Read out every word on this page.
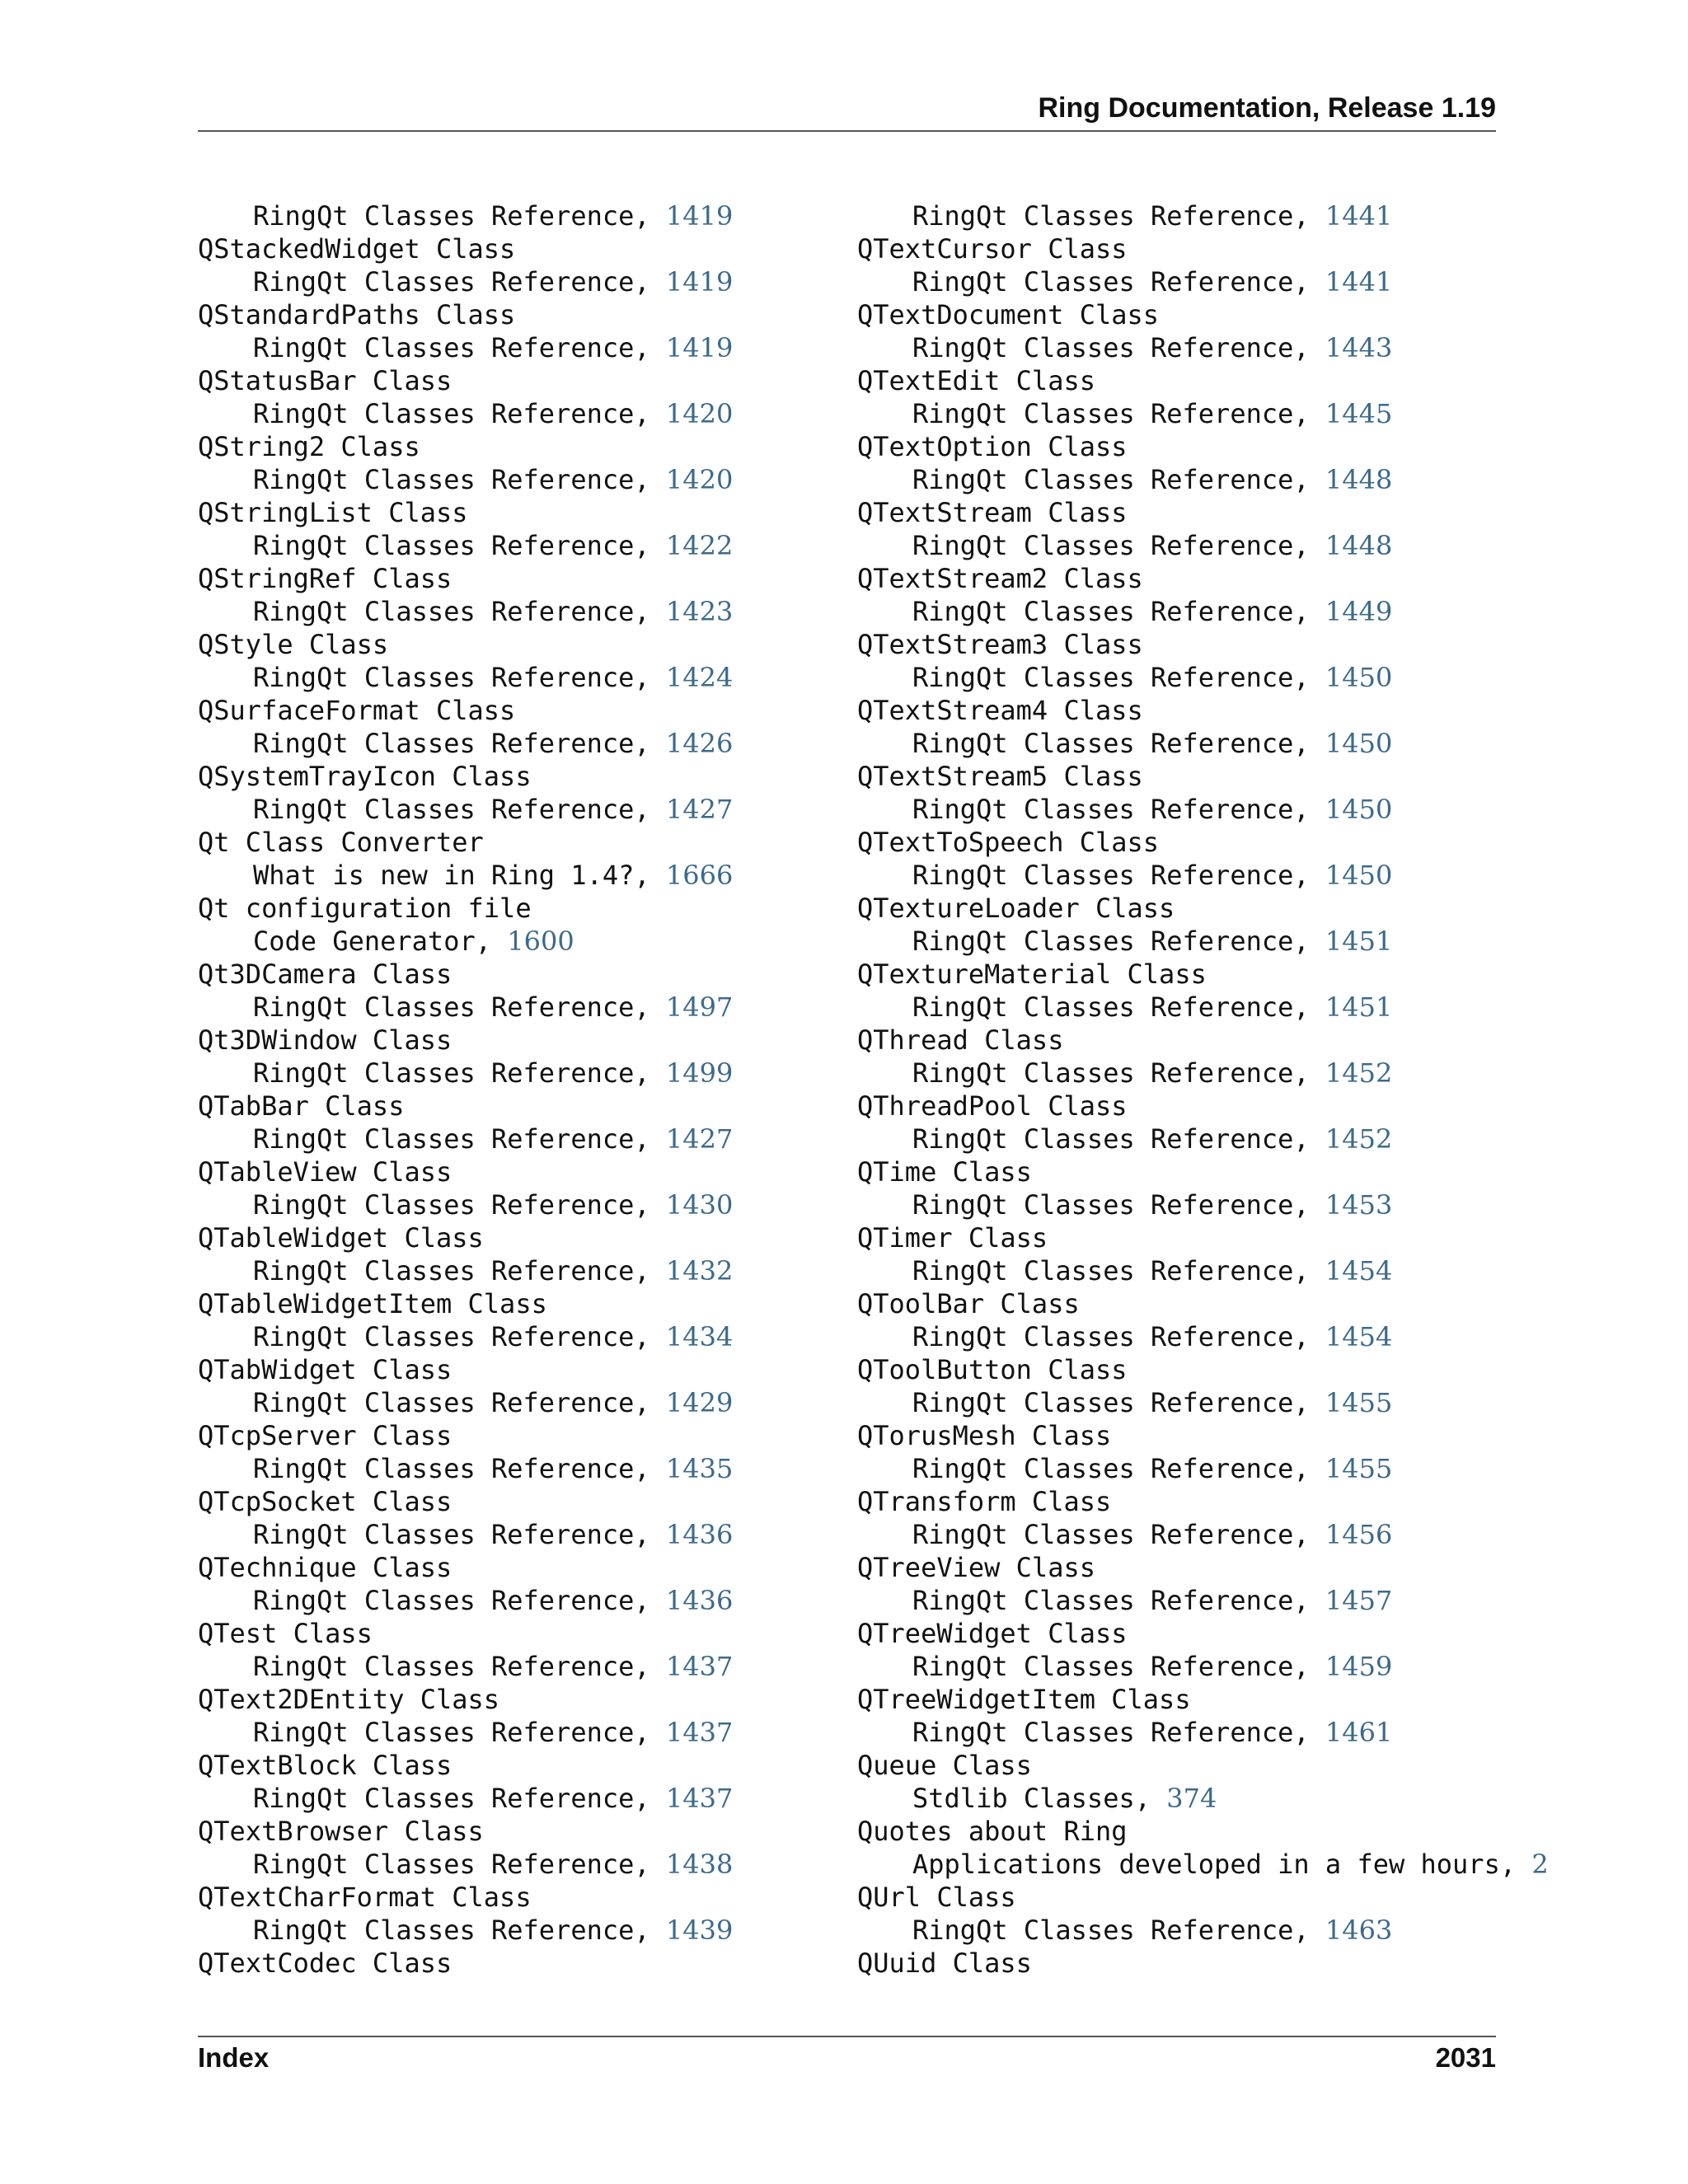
Ring Documentation, Release 1.19
RingQt Classes Reference, 1419
QStackedWidget Class
RingQt Classes Reference, 1419
QStandardPaths Class
RingQt Classes Reference, 1419
QStatusBar Class
RingQt Classes Reference, 1420
QString2 Class
RingQt Classes Reference, 1420
QStringList Class
RingQt Classes Reference, 1422
QStringRef Class
RingQt Classes Reference, 1423
QStyle Class
RingQt Classes Reference, 1424
QSurfaceFormat Class
RingQt Classes Reference, 1426
QSystemTrayIcon Class
RingQt Classes Reference, 1427
Qt Class Converter
What is new in Ring 1.4?, 1666
Qt configuration file
Code Generator, 1600
Qt3DCamera Class
RingQt Classes Reference, 1497
Qt3DWindow Class
RingQt Classes Reference, 1499
QTabBar Class
RingQt Classes Reference, 1427
QTableView Class
RingQt Classes Reference, 1430
QTableWidget Class
RingQt Classes Reference, 1432
QTableWidgetItem Class
RingQt Classes Reference, 1434
QTabWidget Class
RingQt Classes Reference, 1429
QTcpServer Class
RingQt Classes Reference, 1435
QTcpSocket Class
RingQt Classes Reference, 1436
QTechnique Class
RingQt Classes Reference, 1436
QTest Class
RingQt Classes Reference, 1437
QText2DEntity Class
RingQt Classes Reference, 1437
QTextBlock Class
RingQt Classes Reference, 1437
QTextBrowser Class
RingQt Classes Reference, 1438
QTextCharFormat Class
RingQt Classes Reference, 1439
QTextCodec Class
RingQt Classes Reference, 1441
QTextCursor Class
RingQt Classes Reference, 1441
QTextDocument Class
RingQt Classes Reference, 1443
QTextEdit Class
RingQt Classes Reference, 1445
QTextOption Class
RingQt Classes Reference, 1448
QTextStream Class
RingQt Classes Reference, 1448
QTextStream2 Class
RingQt Classes Reference, 1449
QTextStream3 Class
RingQt Classes Reference, 1450
QTextStream4 Class
RingQt Classes Reference, 1450
QTextStream5 Class
RingQt Classes Reference, 1450
QTextToSpeech Class
RingQt Classes Reference, 1450
QTextureLoader Class
RingQt Classes Reference, 1451
QTextureMaterial Class
RingQt Classes Reference, 1451
QThread Class
RingQt Classes Reference, 1452
QThreadPool Class
RingQt Classes Reference, 1452
QTime Class
RingQt Classes Reference, 1453
QTimer Class
RingQt Classes Reference, 1454
QToolBar Class
RingQt Classes Reference, 1454
QToolButton Class
RingQt Classes Reference, 1455
QTorusMesh Class
RingQt Classes Reference, 1455
QTransform Class
RingQt Classes Reference, 1456
QTreeView Class
RingQt Classes Reference, 1457
QTreeWidget Class
RingQt Classes Reference, 1459
QTreeWidgetItem Class
RingQt Classes Reference, 1461
Queue Class
Stdlib Classes, 374
Quotes about Ring
Applications developed in a few hours, 2
QUrl Class
RingQt Classes Reference, 1463
QUuid Class
Index	2031
